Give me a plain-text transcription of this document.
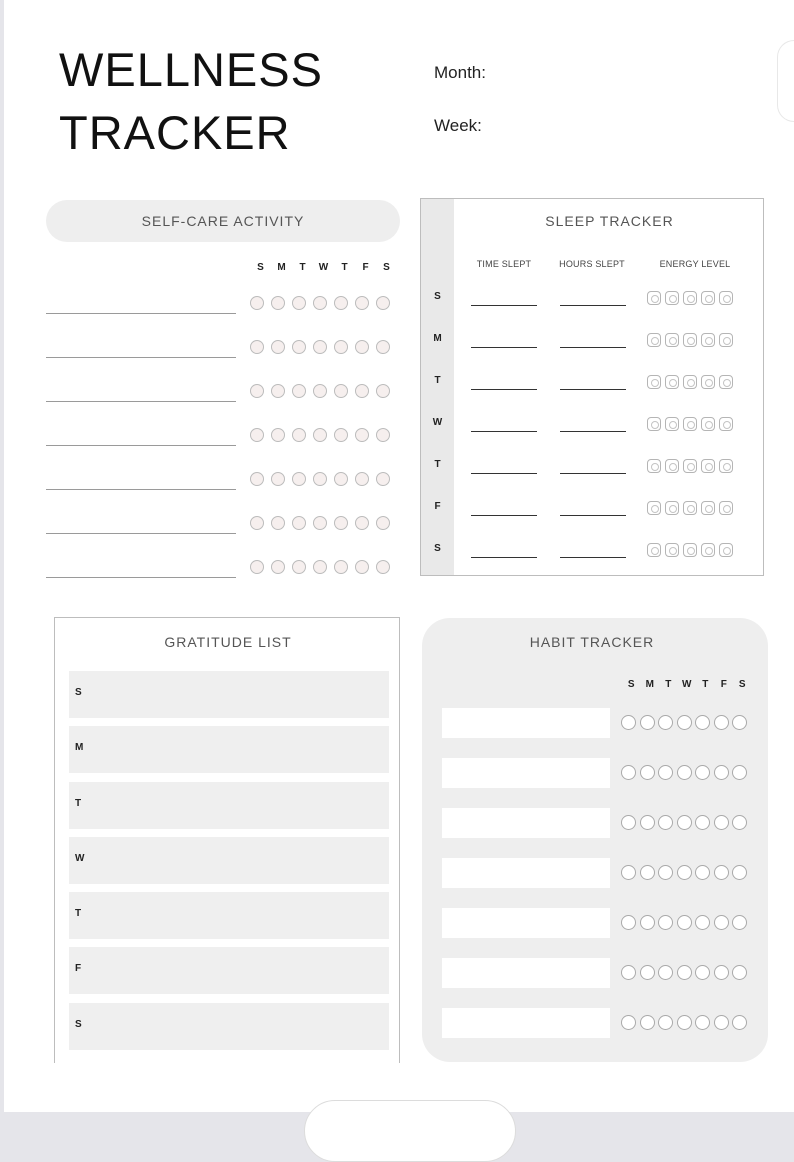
WELLNESS
TRACKER
Month:
Week:
SELF-CARE ACTIVITY
S	M	T	W	T	F	S
SLEEP TRACKER
TIME SLEPT	HOURS SLEPT	ENERGY LEVEL
S
M
T
W
T
F
S
GRATITUDE LIST
S
M
T
W
T
F
S
HABIT TRACKER
S	M	T	W	T	F	S
